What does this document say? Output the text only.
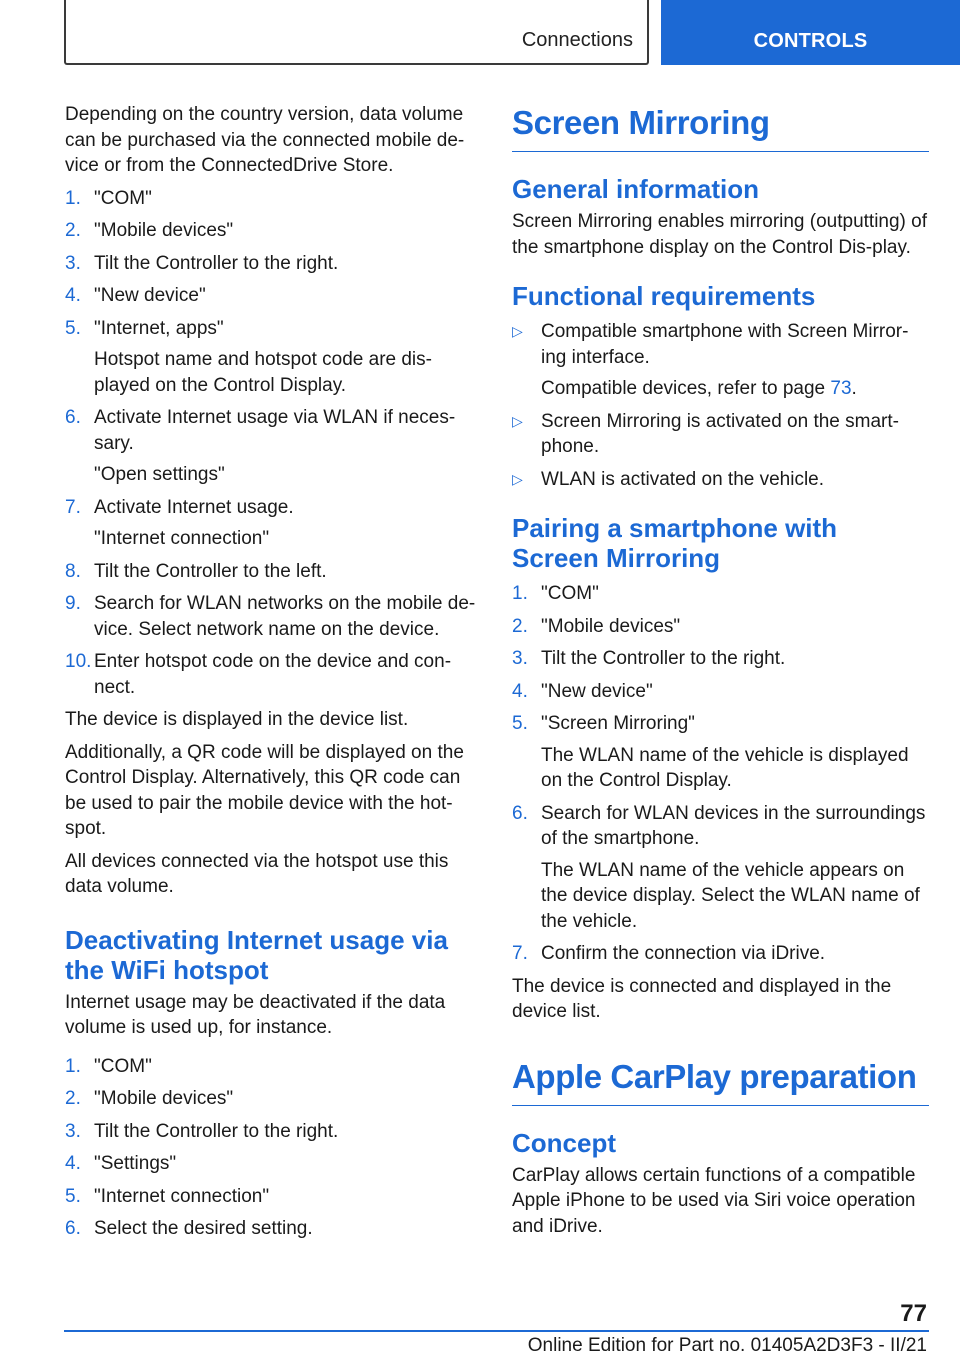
Connections	CONTROLS

Depending on the country version, data volume can be purchased via the connected mobile de-vice or from the ConnectedDrive Store.

1. "COM"
2. "Mobile devices"
3. Tilt the Controller to the right.
4. "New device"
5. "Internet, apps"
Hotspot name and hotspot code are dis-played on the Control Display.
6. Activate Internet usage via WLAN if neces-sary.
"Open settings"
7. Activate Internet usage.
"Internet connection"
8. Tilt the Controller to the left.
9. Search for WLAN networks on the mobile de-vice. Select network name on the device.
10. Enter hotspot code on the device and con-nect.

The device is displayed in the device list.

Additionally, a QR code will be displayed on the Control Display. Alternatively, this QR code can be used to pair the mobile device with the hot-spot.

All devices connected via the hotspot use this data volume.

Deactivating Internet usage via the WiFi hotspot

Internet usage may be deactivated if the data volume is used up, for instance.

1. "COM"
2. "Mobile devices"
3. Tilt the Controller to the right.
4. "Settings"
5. "Internet connection"
6. Select the desired setting.
Screen Mirroring
General information

Screen Mirroring enables mirroring (outputting) of the smartphone display on the Control Dis-play.

Functional requirements
▷ Compatible smartphone with Screen Mirror-ing interface.
Compatible devices, refer to page 73.
▷ Screen Mirroring is activated on the smart-phone.
▷ WLAN is activated on the vehicle.
Pairing a smartphone with Screen Mirroring
1. "COM"
2. "Mobile devices"
3. Tilt the Controller to the right.
4. "New device"
5. "Screen Mirroring"
The WLAN name of the vehicle is displayed on the Control Display.
6. Search for WLAN devices in the surroundings of the smartphone.
The WLAN name of the vehicle appears on the device display. Select the WLAN name of the vehicle.
7. Confirm the connection via iDrive.

The device is connected and displayed in the device list.

Apple CarPlay preparation
Concept

CarPlay allows certain functions of a compatible Apple iPhone to be used via Siri voice operation and iDrive.

77
Online Edition for Part no. 01405A2D3F3 - II/21
